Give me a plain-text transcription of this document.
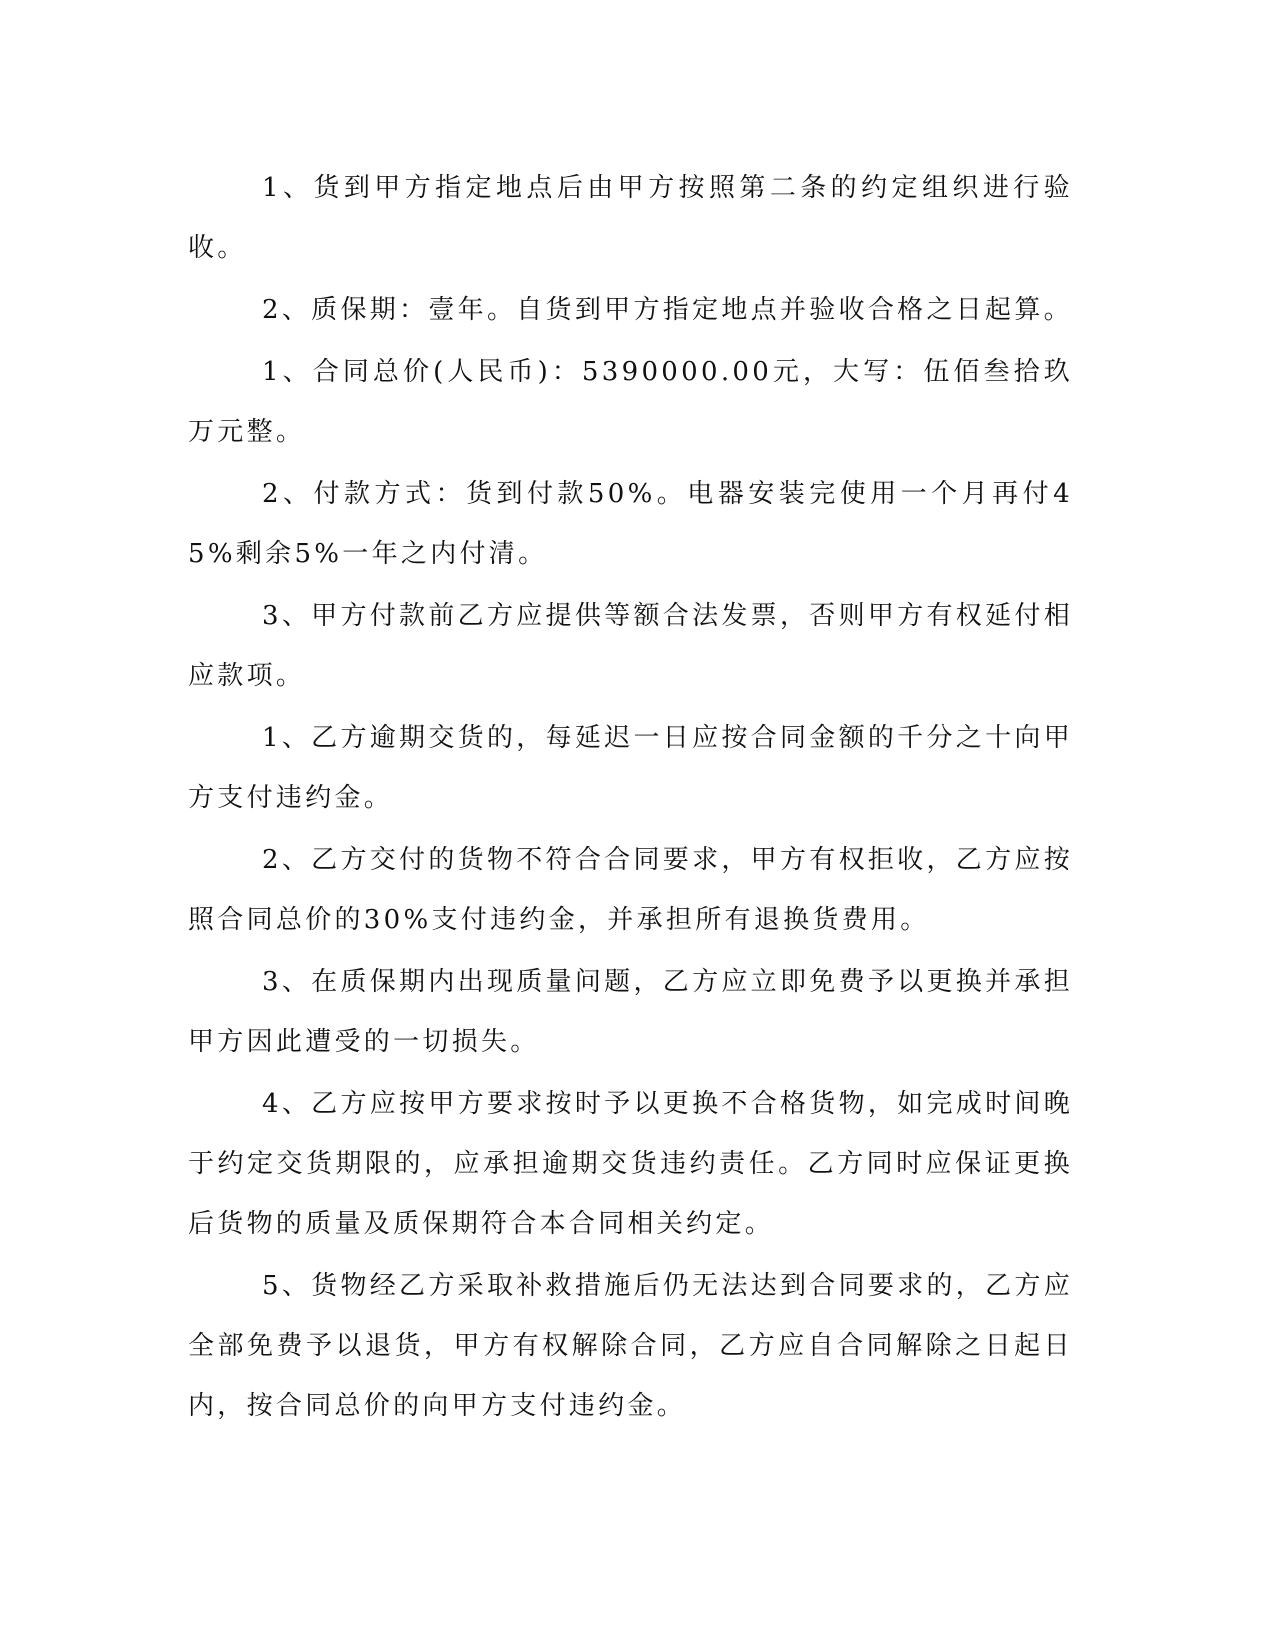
1、货到甲方指定地点后由甲方按照第二条的约定组织进行验收。

2、质保期：壹年。自货到甲方指定地点并验收合格之日起算。

1、合同总价(人民币)：5390000.00元，大写：伍佰叁拾玖万元整。

2、付款方式：货到付款50%。电器安装完使用一个月再付45%剩余5%一年之内付清。

3、甲方付款前乙方应提供等额合法发票，否则甲方有权延付相应款项。

1、乙方逾期交货的，每延迟一日应按合同金额的千分之十向甲方支付违约金。

2、乙方交付的货物不符合合同要求，甲方有权拒收，乙方应按照合同总价的30%支付违约金，并承担所有退换货费用。

3、在质保期内出现质量问题，乙方应立即免费予以更换并承担甲方因此遭受的一切损失。

4、乙方应按甲方要求按时予以更换不合格货物，如完成时间晚于约定交货期限的，应承担逾期交货违约责任。乙方同时应保证更换后货物的质量及质保期符合本合同相关约定。

5、货物经乙方采取补救措施后仍无法达到合同要求的，乙方应全部免费予以退货，甲方有权解除合同，乙方应自合同解除之日起日内，按合同总价的向甲方支付违约金。
